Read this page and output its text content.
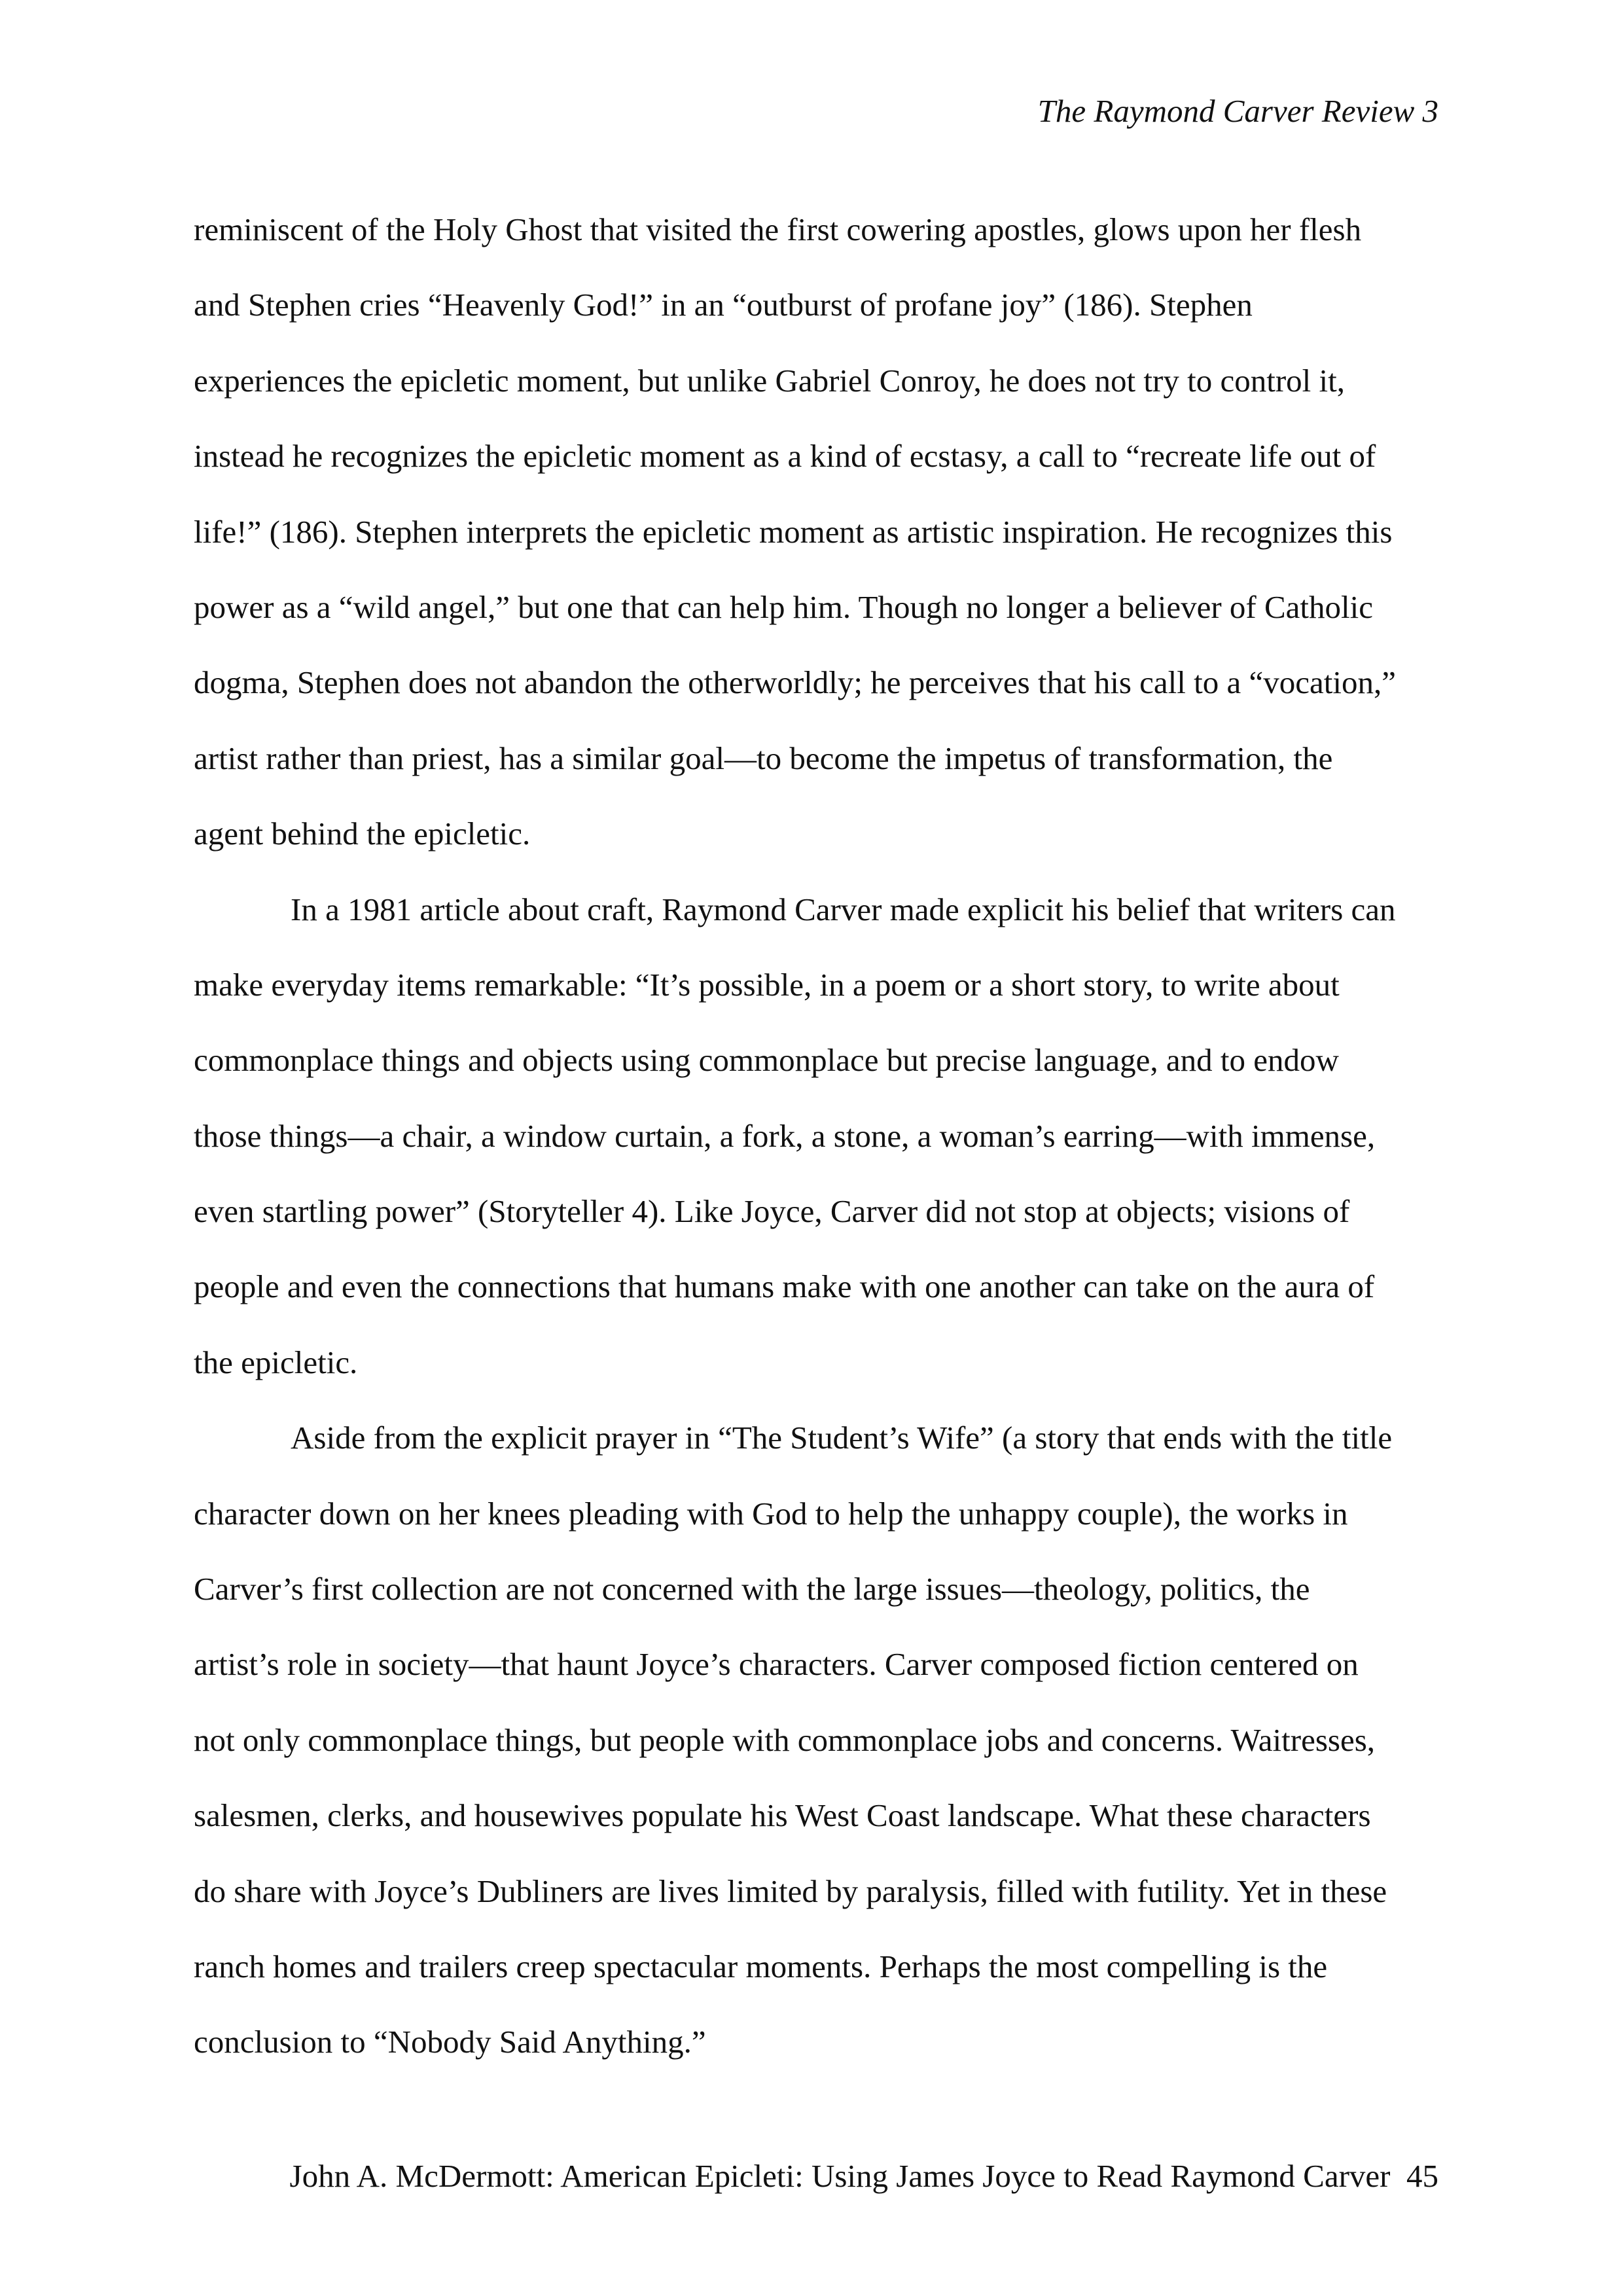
The Raymond Carver Review 3
reminiscent of the Holy Ghost that visited the first cowering apostles, glows upon her flesh
and Stephen cries “Heavenly God!” in an “outburst of profane joy” (186). Stephen
experiences the epicletic moment, but unlike Gabriel Conroy, he does not try to control it,
instead he recognizes the epicletic moment as a kind of ecstasy, a call to “recreate life out of
life!” (186). Stephen interprets the epicletic moment as artistic inspiration. He recognizes this
power as a “wild angel,” but one that can help him. Though no longer a believer of Catholic
dogma, Stephen does not abandon the otherworldly; he perceives that his call to a “vocation,”
artist rather than priest, has a similar goal—to become the impetus of transformation, the
agent behind the epicletic.
In a 1981 article about craft, Raymond Carver made explicit his belief that writers can
make everyday items remarkable: “It’s possible, in a poem or a short story, to write about
commonplace things and objects using commonplace but precise language, and to endow
those things—a chair, a window curtain, a fork, a stone, a woman’s earring—with immense,
even startling power” (Storyteller 4). Like Joyce, Carver did not stop at objects; visions of
people and even the connections that humans make with one another can take on the aura of
the epicletic.
Aside from the explicit prayer in “The Student’s Wife” (a story that ends with the title
character down on her knees pleading with God to help the unhappy couple), the works in
Carver’s first collection are not concerned with the large issues—theology, politics, the
artist’s role in society—that haunt Joyce’s characters. Carver composed fiction centered on
not only commonplace things, but people with commonplace jobs and concerns. Waitresses,
salesmen, clerks, and housewives populate his West Coast landscape. What these characters
do share with Joyce’s Dubliners are lives limited by paralysis, filled with futility. Yet in these
ranch homes and trailers creep spectacular moments. Perhaps the most compelling is the
conclusion to “Nobody Said Anything.”
John A. McDermott: American Epicleti: Using James Joyce to Read Raymond Carver 45
